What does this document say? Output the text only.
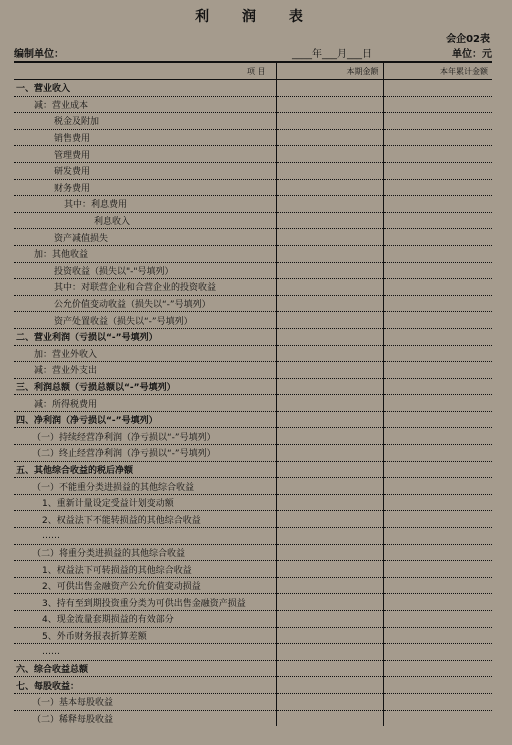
利 润 表
会企02表
编制单位：	____年___月___日	单位：元
项 目	本期金额	本年累计金额
一、营业收入		
减：营业成本		
税金及附加		
销售费用		
管理费用		
研发费用		
财务费用		
其中：利息费用		
利息收入		
资产减值损失		
加：其他收益		
投资收益（损失以"-"号填列）		
其中：对联营企业和合营企业的投资收益		
公允价值变动收益（损失以“-”号填列）		
资产处置收益（损失以“-”号填列）		
二、营业利润（亏损以“-”号填列）		
加：营业外收入		
减：营业外支出		
三、利润总额（亏损总额以“-”号填列）		
减：所得税费用		
四、净利润（净亏损以“-”号填列）		
（一）持续经营净利润（净亏损以“-”号填列）		
（二）终止经营净利润（净亏损以“-”号填列）		
五、其他综合收益的税后净额		
（一）不能重分类进损益的其他综合收益		
1、重新计量设定受益计划变动额		
2、权益法下不能转损益的其他综合收益		
……		
（二）将重分类进损益的其他综合收益		
1、权益法下可转损益的其他综合收益		
2、可供出售金融资产公允价值变动损益		
3、持有至到期投资重分类为可供出售金融资产损益		
4、现金流量套期损益的有效部分		
5、外币财务报表折算差额		
……		
六、综合收益总额		
七、每股收益：		
（一）基本每股收益		
（二）稀释每股收益		
